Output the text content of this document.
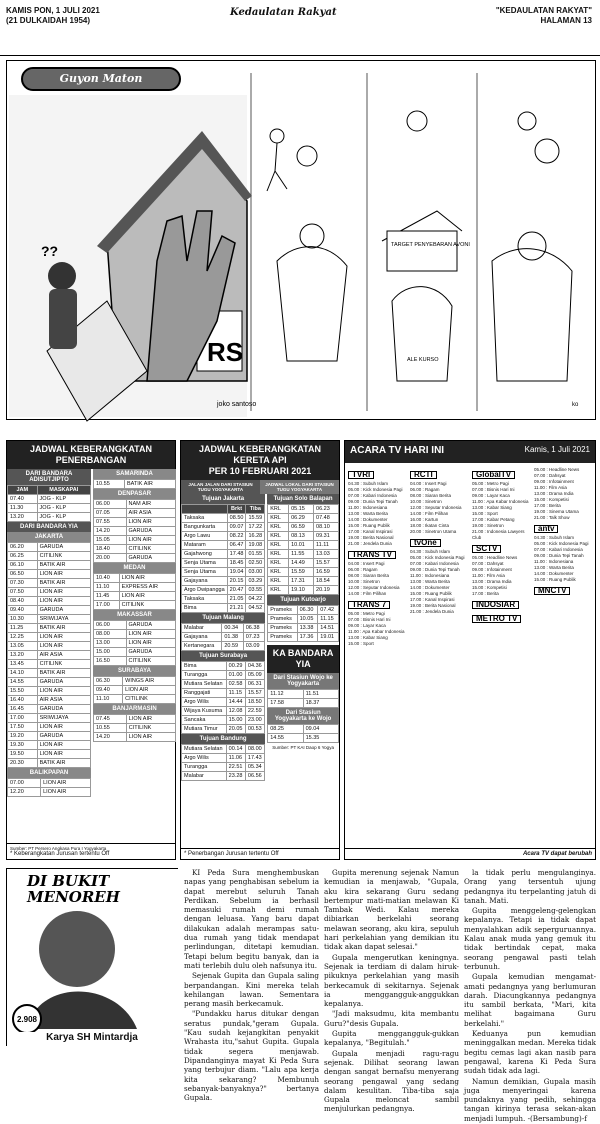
KAMIS PON, 1 JULI 2021
(21 DULKAIDAH 1954)
Kedaulatan Rakyat	"KEDAULATAN RAKYAT"
HALAMAN 13
Guyon Maton
RS
??
joko santoso
TARGET PENYEBARAN AVONI
ALE KURSO
ko
JADWAL KEBERANGKATAN
PENERBANGAN
DARI BANDARA ADISUTJIPTO
JAM	MASKAPAI
07.40	JOG - KLP
11.30	JOG - KLP
13.20	JOG - KLP
DARI BANDARA YIA
JAKARTA
06.20	GARUDA
06.25	CITILINK
06.10	BATIK AIR
06.50	LION AIR
07.30	BATIK AIR
07.50	LION AIR
08.40	LION AIR
09.40	GARUDA
10.30	SRIWIJAYA
11.25	BATIK AIR
12.25	LION AIR
13.05	LION AIR
13.20	AIR ASIA
13.45	CITILINK
14.10	BATIK AIR
14.55	GARUDA
15.50	LION AIR
16.40	AIR ASIA
16.45	GARUDA
17.00	SRIWIJAYA
17.50	LION AIR
19.20	GARUDA
19.30	LION AIR
19.50	LION AIR
20.30	BATIK AIR
BALIKPAPAN
07.00	LION AIR
12.20	LION AIR
SAMARINDA
10.55	BATIK AIR
DENPASAR
06.00	NAM AIR
07.05	AIR ASIA
07.55	LION AIR
14.20	GARUDA
15.05	LION AIR
18.40	CITILINK
20.00	GARUDA
MEDAN
10.40	LION AIR
11.10	EXPRESS AIR
11.45	LION AIR
17.00	CITILINK
MAKASSAR
06.00	GARUDA
08.00	LION AIR
13.00	LION AIR
15.00	GARUDA
16.50	CITILINK
SURABAYA
06.30	WINGS AIR
09.40	LION AIR
11.10	CITILINK
BANJARMASIN
07.45	LION AIR
10.55	CITILINK
14.20	LION AIR
Sumber: PT Persero Angkasa Pura I Yogyakarta
* Keberangkatan Jurusan tertentu Off
JADWAL KEBERANGKATAN KERETA API
PER 10 FEBRUARI 2021
JALAN JALAN DARI STASIUN TUGU YOGYAKARTA
JADWAL LOKAL DARI STASIUN TUGU YOGYAKARTA
Tujuan Jakarta
	Brkt	Tiba
Taksaka	08.50	15.59
Bangunkarta	09.07	17.22
Argo Lawu	08.22	16.28
Mataram	06.47	19.08
Gajahwong	17.48	01.55
Senja Utama	18.45	02.50
Senja Utama	19.04	03.00
Gajayana	20.15	03.29
Argo Dwipangga	20.47	03.55
Taksaka	21.05	04.22
Bima	21.21	04.52
Tujuan Malang
Malabar	00.34	06.38
Gajayana	01.38	07.23
Kertanegara	20.59	03.09
Tujuan Surabaya
Bima	00.29	04.36
Turangga	01.00	05.09
Mutiara Selatan	02.58	06.31
Ranggajati	11.15	15.57
Argo Wilis	14.44	18.50
Wijaya Kusuma	12.08	22.59
Sancaka	15.00	23.00
Mutiara Timur	20.05	00.53
Tujuan Bandung
Mutiara Selatan	00.14	08.00
Argo Wilis	11.06	17.43
Turangga	22.51	05.34
Malabar	23.28	06.56
Tujuan Solo Balapan
KRL	05.15	06.23
KRL	06.29	07.48
KRL	06.59	08.10
KRL	08.13	09.31
KRL	10.01	11.11
KRL	11.55	13.03
KRL	14.49	15.57
KRL	15.59	16.59
KRL	17.31	18.54
KRL	19.10	20.19
Tujuan Kutoarjo
Prameks	06.30	07.42
Prameks	10.05	11.15
Prameks	13.38	14.51
Prameks	17.36	19.01
KA BANDARA YIA
Dari Stasiun Wojo ke Yogyakarta
11.12	11.51
17.58	18.37
Dari Stasiun Yogyakarta ke Wojo
08.25	09.04
14.55	15.35
Sumber: PT KAI Daop 6 Yogya
* Penerbangan Jurusan tertentu Off
ACARA TV HARI INI	Kamis, 1 Juli 2021
TVRI
04.30 : Subuh Islam
05.00 : Kick Indonesia Pagi
07.00 : Kabari Indonesia
09.00 : Dunia Tepi Tanah
11.00 : Indonesiana
13.00 : Warta Berita
14.00 : Dokumenter
15.00 : Ruang Publik
17.00 : Kanal Inspirasi
19.00 : Berita Nasional
21.00 : Jendela Dunia
TRANS TV
04.00 : Insert Pagi
06.00 : Ragam
08.00 : Siaran Berita
10.00 : Sinetron
12.00 : Seputar Indonesia
14.00 : Film Pilihan
TRANS 7
05.00 : Metro Pagi
07.00 : Bisnis Hari Ini
09.00 : Layar Kaca
11.00 : Apa Kabar Indonesia
13.00 : Kabar Siang
15.00 : Sport
RCTI
04.00 : Insert Pagi
06.00 : Ragam
08.00 : Siaran Berita
10.00 : Sinetron
12.00 : Seputar Indonesia
14.00 : Film Pilihan
16.00 : Kartun
18.00 : Ikatan Cinta
20.00 : Sinetron Utama
tvOne
04.30 : Subuh Islam
05.00 : Kick Indonesia Pagi
07.00 : Kabari Indonesia
09.00 : Dunia Tepi Tanah
11.00 : Indonesiana
13.00 : Warta Berita
14.00 : Dokumenter
15.00 : Ruang Publik
17.00 : Kanal Inspirasi
19.00 : Berita Nasional
21.00 : Jendela Dunia
GlobalTV
05.00 : Metro Pagi
07.00 : Bisnis Hari Ini
09.00 : Layar Kaca
11.00 : Apa Kabar Indonesia
13.00 : Kabar Siang
15.00 : Sport
17.00 : Kabar Petang
19.00 : Sinetron
21.00 : Indonesia Lawyers Club
SCTV
05.00 : Headline News
07.00 : Dahsyat
09.00 : Infotainment
11.00 : Film Asia
13.00 : Drama India
15.00 : Kompetisi
17.00 : Berita
INDOSIAR METRO TV
05.00 : Headline News
07.00 : Dahsyat
09.00 : Infotainment
11.00 : Film Asia
13.00 : Drama India
15.00 : Kompetisi
17.00 : Berita
19.00 : Sinema Utama
21.00 : Talk Show
antv
04.30 : Subuh Islam
05.00 : Kick Indonesia Pagi
07.00 : Kabari Indonesia
09.00 : Dunia Tepi Tanah
11.00 : Indonesiana
13.00 : Warta Berita
14.00 : Dokumenter
15.00 : Ruang Publik
MNCTV
Acara TV dapat berubah
2.908
DI BUKIT MENOREH
Karya SH Mintardja

KI Peda Sura menghembuskan napas yang penghabisan sebelum ia dapat merebut seluruh Tanah Perdikan. Sebelum ia berhasil memasuki rumah demi rumah dengan leluasa. Yang baru dapat dilakukan adalah merampas satu-dua rumah yang tidak mendapat perlindungan, ditetapi kemudian. Tetapi belum begitu banyak, dan ia mati terlebih dulu oleh nafsunya itu.

Sejenak Gupita dan Gupala saling berpandangan. Kini mereka telah kehilangan lawan. Sementara perang masih berkecamuk.

"Pundakku harus ditukar dengan seratus pundak,"geram Gupala. "Kau sudah kejangkitan penyakit Wrahasta itu,"sahut Gupita. Gupala tidak segera menjawab. Dipandanginya mayat Ki Peda Sura yang terbujur diam. "Lalu apa kerja kita sekarang? Membunuh sebanyak-banyaknya?" bertanya Gupala.

Gupita merenung sejenak Namun kemudian ia menjawab, "Gupala, aku kira sekarang Guru sedang bertempur mati-matian melawan Ki Tambak Wedi. Kalau mereka dibiarkan berkelahi seorang melawan seorang, aku kira, sepuluh hari perkelahian yang demikian itu tidak akan dapat selesai."

Gupala mengerutkan keningnya. Sejenak ia terdiam di dalam hiruk-pikuknya perkelahian yang masih berkecamuk di sekitarnya. Sejenak ia menggangguk-anggukkan kepalanya.

"Jadi maksudmu, kita membantu Guru?"desis Gupala.

Gupita menggangguk-gukkan kepalanya, "Begitulah."

Gupala menjadi ragu-ragu sejenak. Dilihat seorang lawan dengan sangat bernafsu menyerang seorang pengawal yang sedang dalam kesulitan. Tiba-tiba saja Gupala meloncat sambil menjulurkan pedangnya.

la tidak perlu mengulanginya. Orang yang tersentuh ujung pedangnya itu terpelanting jatuh di tanah. Mati.

Gupita menggeleng-gelengkan kepalanya. Tetapi ia tidak dapat menyalahkan adik seperguruannya. Kalau anak muda yang gemuk itu tidak bertindak cepat, maka seorang pengawal pasti telah terbunuh.

Gupala kemudian mengamat-amati pedangnya yang berlumuran darah. Diacungkannya pedangnya itu sambil berkata, "Mari, kita melihat bagaimana Guru berkelahi."

Keduanya pun kemudian meninggalkan medan. Mereka tidak begitu cemas lagi akan nasib para pengawal, karena Ki Peda Sura sudah tidak ada lagi.

Namun demikian, Gupala masih juga menyeringai karena pundaknya yang pedih, sehingga tangan kirinya terasa sekan-akan menjadi lumpuh. -(Bersambung)-f
